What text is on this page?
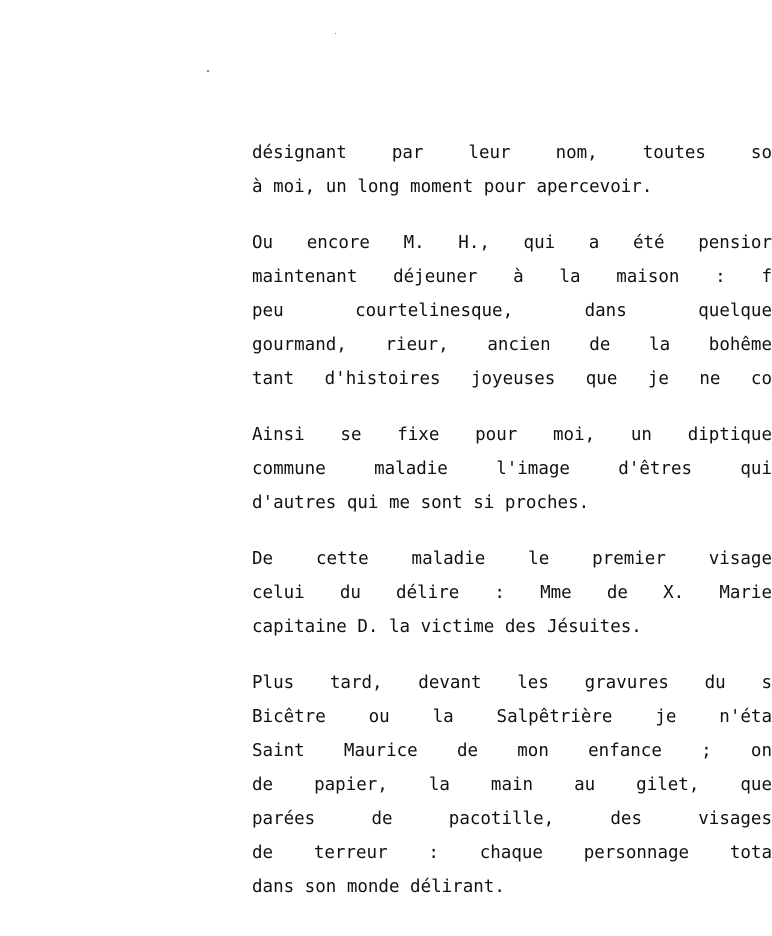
désignant par leur nom, toutes so
à moi, un long moment pour apercevoir.
Ou encore M. H., qui a été pensior
maintenant déjeuner à la maison : f
peu courtelinesque, dans quelque
gourmand, rieur, ancien de la bohême
tant d'histoires joyeuses que je ne co
Ainsi se fixe pour moi, un diptique
commune maladie l'image d'êtres qui
d'autres qui me sont si proches.
De cette maladie le premier visage
celui du délire : Mme de X. Marie
capitaine D. la victime des Jésuites.
Plus tard, devant les gravures du s
Bicêtre ou la Salpêtrière je n'éta
Saint Maurice de mon enfance ; on
de papier, la main au gilet, que
parées de pacotille, des visages
de terreur : chaque personnage tota
dans son monde délirant.
